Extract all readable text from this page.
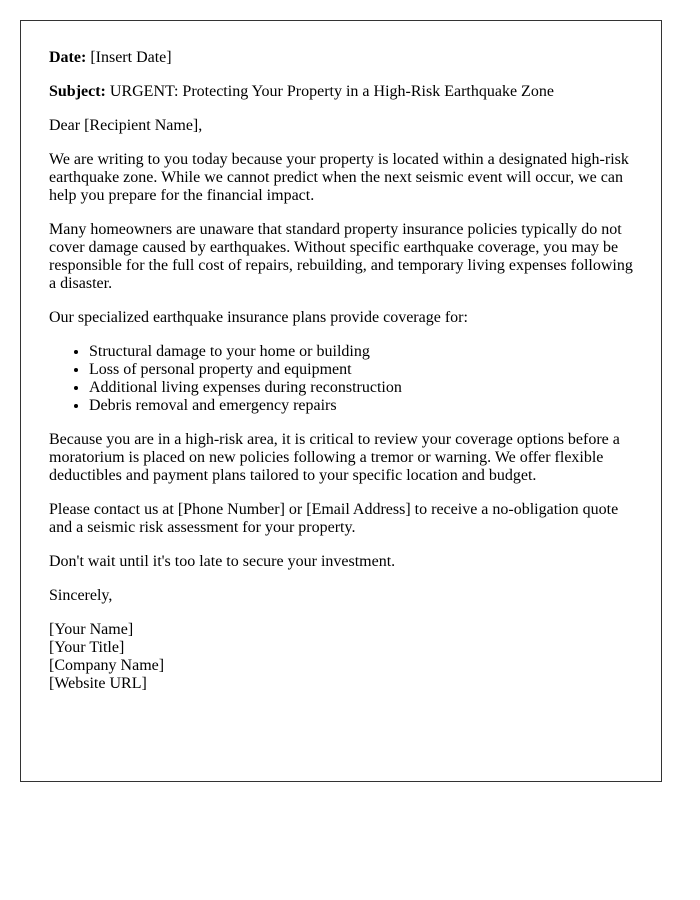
Date: [Insert Date]

Subject: URGENT: Protecting Your Property in a High-Risk Earthquake Zone

Dear [Recipient Name],

We are writing to you today because your property is located within a designated high-risk earthquake zone. While we cannot predict when the next seismic event will occur, we can help you prepare for the financial impact.

Many homeowners are unaware that standard property insurance policies typically do not cover damage caused by earthquakes. Without specific earthquake coverage, you may be responsible for the full cost of repairs, rebuilding, and temporary living expenses following a disaster.

Our specialized earthquake insurance plans provide coverage for:

• Structural damage to your home or building
• Loss of personal property and equipment
• Additional living expenses during reconstruction
• Debris removal and emergency repairs

Because you are in a high-risk area, it is critical to review your coverage options before a moratorium is placed on new policies following a tremor or warning. We offer flexible deductibles and payment plans tailored to your specific location and budget.

Please contact us at [Phone Number] or [Email Address] to receive a no-obligation quote and a seismic risk assessment for your property.

Don't wait until it's too late to secure your investment.

Sincerely,

[Your Name]

[Your Title]

[Company Name]

[Website URL]
